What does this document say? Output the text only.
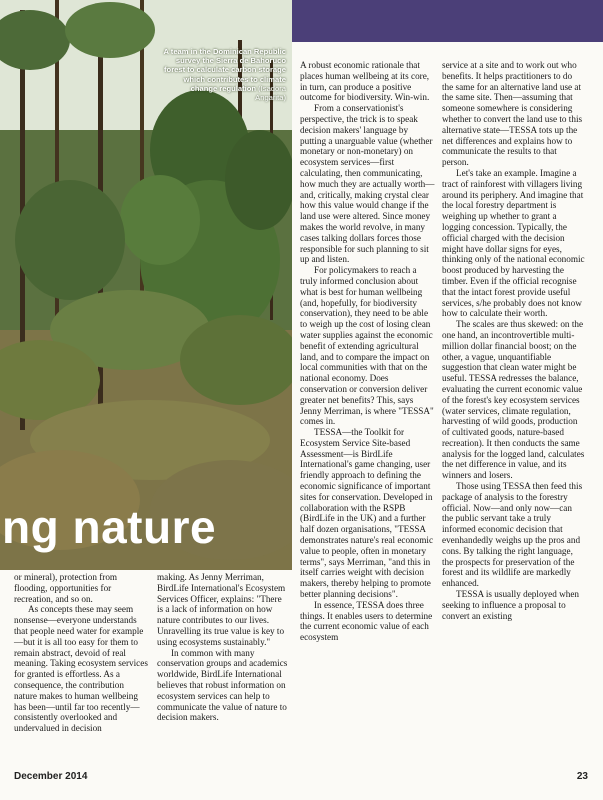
A team in the Dominican Republic survey the Sierra de Bahoruco forest to calculate carbon storage which contributes to climate change regulation (Isadora Angarita)
ng nature

or mineral), protection from flooding, opportunities for recreation, and so on.

As concepts these may seem nonsense—everyone understands that people need water for example—but it is all too easy for them to remain abstract, devoid of real meaning. Taking ecosystem services for granted is effortless. As a consequence, the contribution nature makes to human wellbeing has been—until far too recently—consistently overlooked and undervalued in decision

making. As Jenny Merriman, BirdLife International's Ecosystem Services Officer, explains: "There is a lack of information on how nature contributes to our lives. Unravelling its true value is key to using ecosystems sustainably."

In common with many conservation groups and academics worldwide, BirdLife International believes that robust information on ecosystem services can help to communicate the value of nature to decision makers.

A robust economic rationale that places human wellbeing at its core, in turn, can produce a positive outcome for biodiversity. Win-win.

From a conservationist's perspective, the trick is to speak decision makers' language by putting a unarguable value (whether monetary or non-monetary) on ecosystem services—first calculating, then communicating, how much they are actually worth—and, critically, making crystal clear how this value would change if the land use were altered. Since money makes the world revolve, in many cases talking dollars forces those responsible for such planning to sit up and listen.

For policymakers to reach a truly informed conclusion about what is best for human wellbeing (and, hopefully, for biodiversity conservation), they need to be able to weigh up the cost of losing clean water supplies against the economic benefit of extending agricultural land, and to compare the impact on local communities with that on the national economy. Does conservation or conversion deliver greater net benefits? This, says Jenny Merriman, is where "TESSA" comes in.

TESSA—the Toolkit for Ecosystem Service Site-based Assessment—is BirdLife International's game changing, user friendly approach to defining the economic significance of important sites for conservation. Developed in collaboration with the RSPB (BirdLife in the UK) and a further half dozen organisations, "TESSA demonstrates nature's real economic value to people, often in monetary terms", says Merriman, "and this in itself carries weight with decision makers, thereby helping to promote better planning decisions".

In essence, TESSA does three things. It enables users to determine the current economic value of each ecosystem

service at a site and to work out who benefits. It helps practitioners to do the same for an alternative land use at the same site. Then—assuming that someone somewhere is considering whether to convert the land use to this alternative state—TESSA tots up the net differences and explains how to communicate the results to that person.

Let's take an example. Imagine a tract of rainforest with villagers living around its periphery. And imagine that the local forestry department is weighing up whether to grant a logging concession. Typically, the official charged with the decision might have dollar signs for eyes, thinking only of the national economic boost produced by harvesting the timber. Even if the official recognise that the intact forest provide useful services, s/he probably does not know how to calculate their worth.

The scales are thus skewed: on the one hand, an incontrovertible multi-million dollar financial boost; on the other, a vague, unquantifiable suggestion that clean water might be useful. TESSA redresses the balance, evaluating the current economic value of the forest's key ecosystem services (water services, climate regulation, harvesting of wild goods, production of cultivated goods, nature-based recreation). It then conducts the same analysis for the logged land, calculates the net difference in value, and its winners and losers.

Those using TESSA then feed this package of analysis to the forestry official. Now—and only now—can the public servant take a truly informed economic decision that evenhandedly weighs up the pros and cons. By talking the right language, the prospects for preservation of the forest and its wildlife are markedly enhanced.

TESSA is usually deployed when seeking to influence a proposal to convert an existing

December 2014	23
